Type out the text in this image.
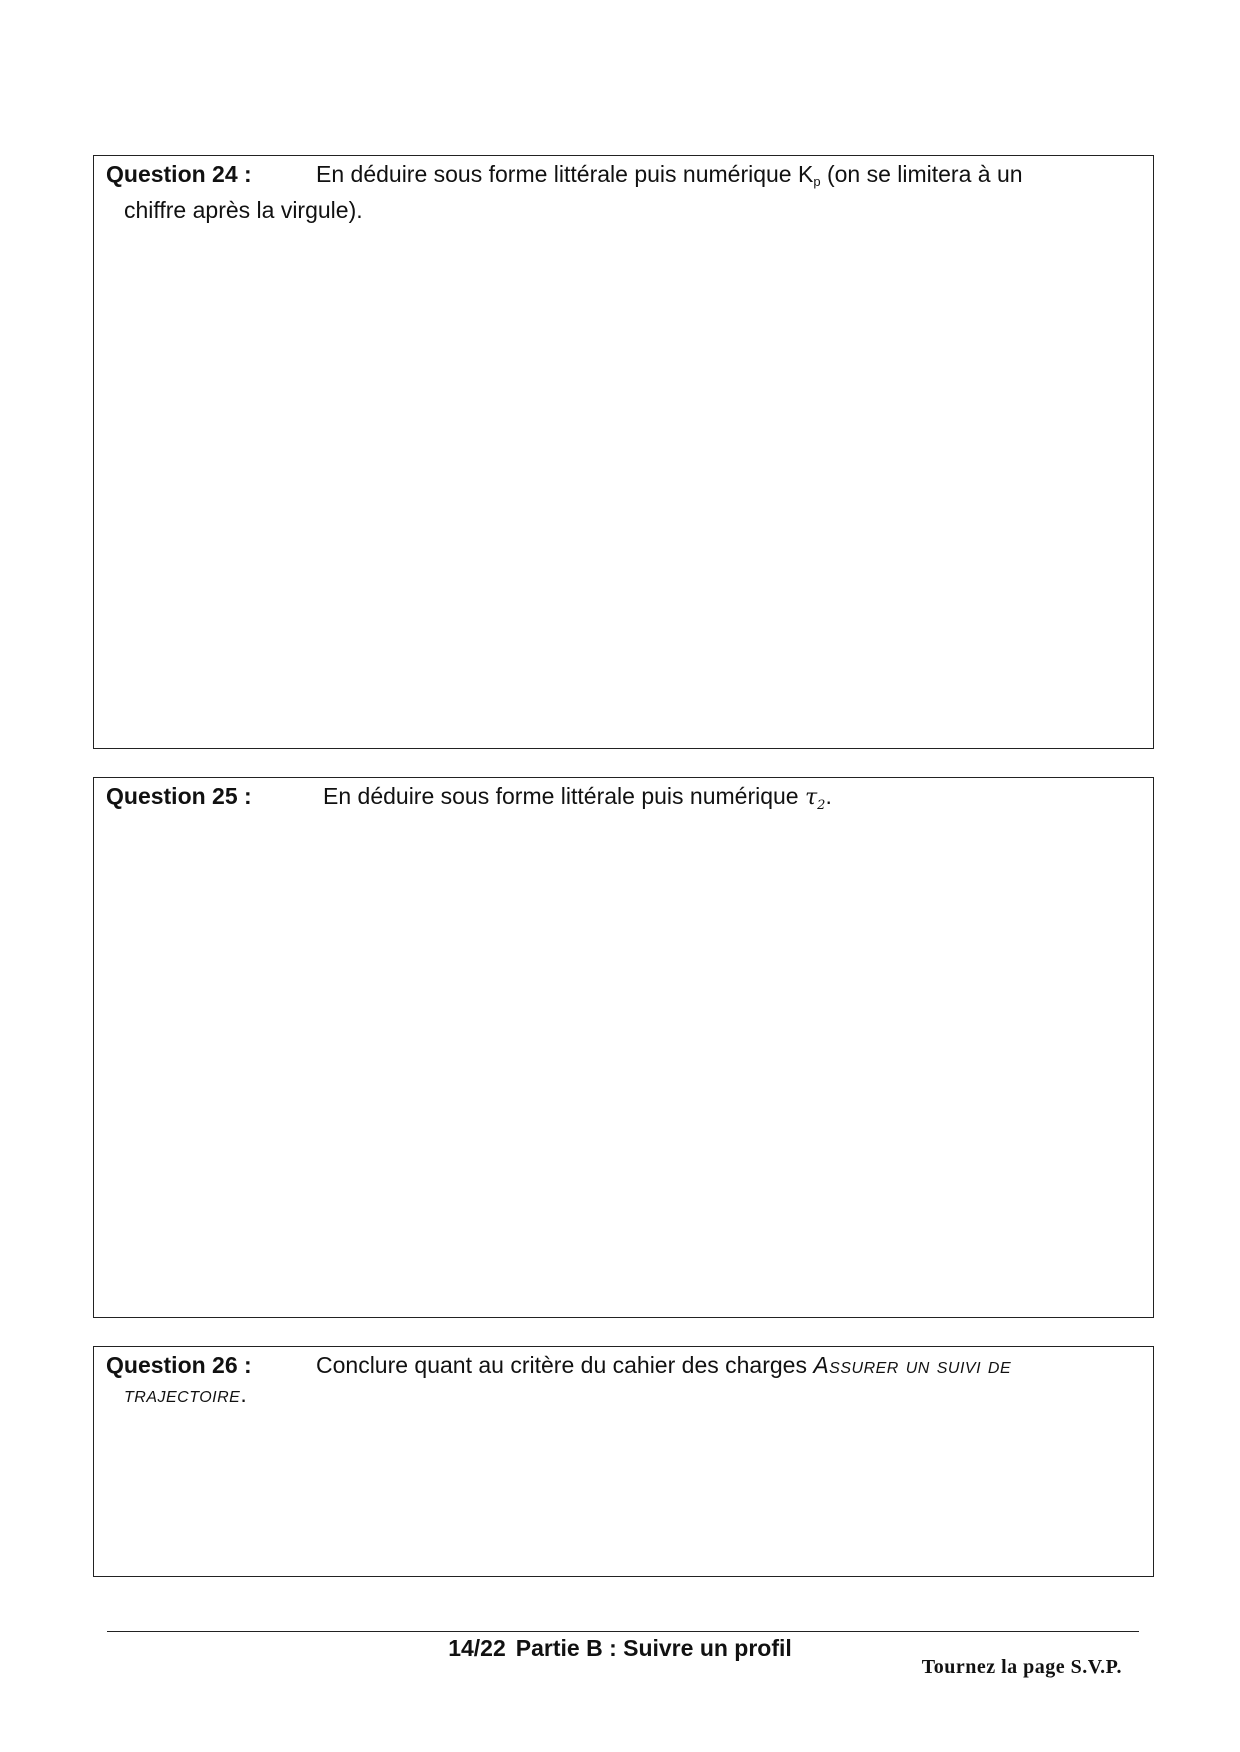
Question 24 :	En déduire sous forme littérale puis numérique $K_p$ (on se limitera à un
chiffre après la virgule).
Question 25 :	En déduire sous forme littérale puis numérique $\tau_2$.
Question 26 :	Conclure quant au critère du cahier des charges Assurer un suivi de
trajectoire.
14/22 Partie B : Suivre un profil
Tournez la page S.V.P.
